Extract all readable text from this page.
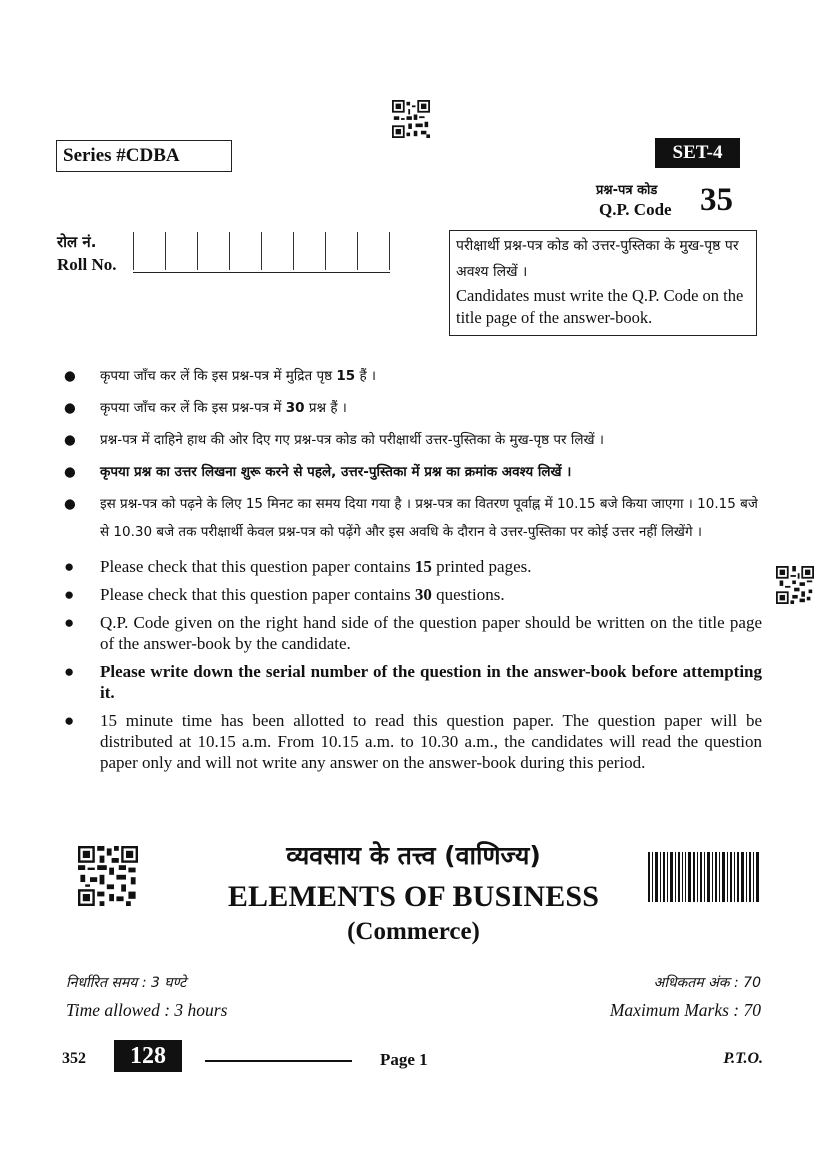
Series #CDBA	SET-4
प्रश्न-पत्र कोड
Q.P. Code 35
रोल नं.
Roll No.
परीक्षार्थी प्रश्न-पत्र कोड को उत्तर-पुस्तिका के मुख-पृष्ठ पर अवश्य लिखें ।
Candidates must write the Q.P. Code on the title page of the answer-book.
● कृपया जाँच कर लें कि इस प्रश्न-पत्र में मुद्रित पृष्ठ 15 हैं ।
● कृपया जाँच कर लें कि इस प्रश्न-पत्र में 30 प्रश्न हैं ।
● प्रश्न-पत्र में दाहिने हाथ की ओर दिए गए प्रश्न-पत्र कोड को परीक्षार्थी उत्तर-पुस्तिका के मुख-पृष्ठ पर लिखें ।
● कृपया प्रश्न का उत्तर लिखना शुरू करने से पहले, उत्तर-पुस्तिका में प्रश्न का क्रमांक अवश्य लिखें ।
● इस प्रश्न-पत्र को पढ़ने के लिए 15 मिनट का समय दिया गया है । प्रश्न-पत्र का वितरण पूर्वाह्न में 10.15 बजे किया जाएगा । 10.15 बजे से 10.30 बजे तक परीक्षार्थी केवल प्रश्न-पत्र को पढ़ेंगे और इस अवधि के दौरान वे उत्तर-पुस्तिका पर कोई उत्तर नहीं लिखेंगे ।
● Please check that this question paper contains 15 printed pages.
● Please check that this question paper contains 30 questions.
● Q.P. Code given on the right hand side of the question paper should be written on the title page of the answer-book by the candidate.
● Please write down the serial number of the question in the answer-book before attempting it.
● 15 minute time has been allotted to read this question paper. The question paper will be distributed at 10.15 a.m. From 10.15 a.m. to 10.30 a.m., the candidates will read the question paper only and will not write any answer on the answer-book during this period.
व्यवसाय के तत्त्व (वाणिज्य)
ELEMENTS OF BUSINESS
(Commerce)
निर्धारित समय : 3 घण्टे
Time allowed : 3 hours
अधिकतम अंक : 70
Maximum Marks : 70
352	128	Page 1	P.T.O.
